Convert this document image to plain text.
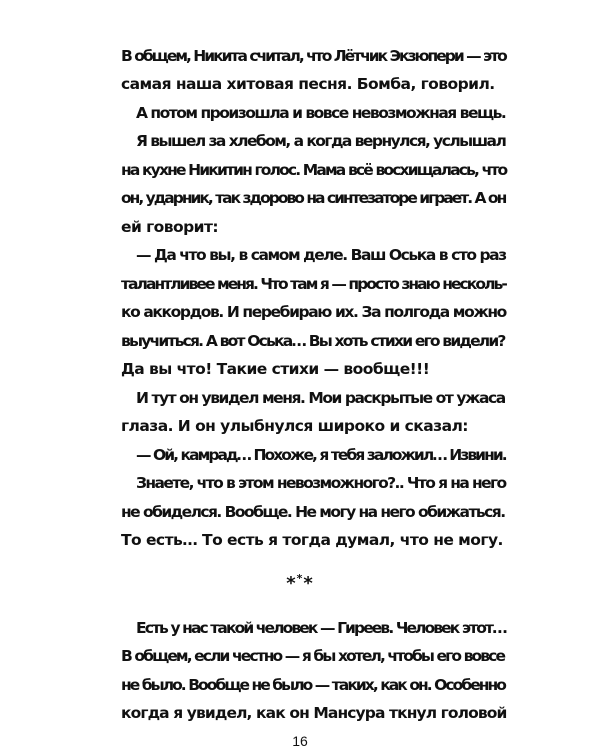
В общем, Никита считал, что Лётчик Экзюпери — это
самая наша хитовая песня. Бомба, говорил.
А потом произошла и вовсе невозможная вещь.
Я вышел за хлебом, а когда вернулся, услышал
на кухне Никитин голос. Мама всё восхищалась, что
он, ударник, так здорово на синтезаторе играет. А он
ей говорит:
— Да что вы, в самом деле. Ваш Оська в сто раз
талантливее меня. Что там я — просто знаю несколь-
ко аккордов. И перебираю их. За полгода можно
выучиться. А вот Оська… Вы хоть стихи его видели?
Да вы что! Такие стихи — вообще!!!
И тут он увидел меня. Мои раскрытые от ужаса
глаза. И он улыбнулся широко и сказал:
— Ой, камрад… Похоже, я тебя заложил… Извини.
Знаете, что в этом невозможного?.. Что я на него
не обиделся. Вообще. Не могу на него обижаться.
То есть… То есть я тогда думал, что не могу.
***
Есть у нас такой человек — Гиреев. Человек этот…
В общем, если честно — я бы хотел, чтобы его вовсе
не было. Вообще не было — таких, как он. Особенно
когда я увидел, как он Мансура ткнул головой
16
